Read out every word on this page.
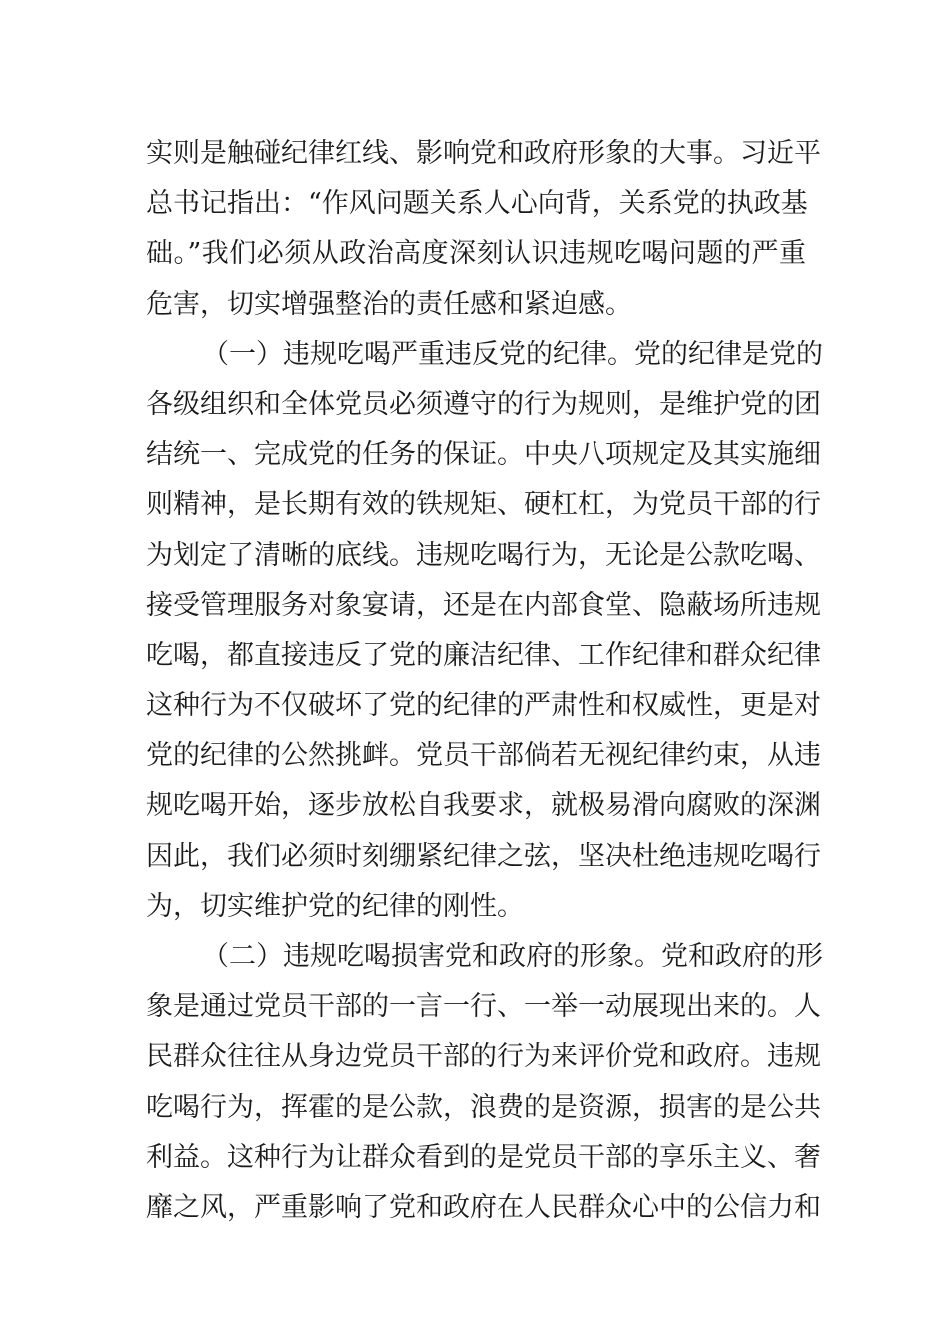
实则是触碰纪律红线、影响党和政府形象的大事。习近平
总书记指出：“作风问题关系人心向背，关系党的执政基
础。”我们必须从政治高度深刻认识违规吃喝问题的严重
危害，切实增强整治的责任感和紧迫感。
（一）违规吃喝严重违反党的纪律。党的纪律是党的
各级组织和全体党员必须遵守的行为规则，是维护党的团
结统一、完成党的任务的保证。中央八项规定及其实施细
则精神，是长期有效的铁规矩、硬杠杠，为党员干部的行
为划定了清晰的底线。违规吃喝行为，无论是公款吃喝、
接受管理服务对象宴请，还是在内部食堂、隐蔽场所违规
吃喝，都直接违反了党的廉洁纪律、工作纪律和群众纪律
这种行为不仅破坏了党的纪律的严肃性和权威性，更是对
党的纪律的公然挑衅。党员干部倘若无视纪律约束，从违
规吃喝开始，逐步放松自我要求，就极易滑向腐败的深渊
因此，我们必须时刻绷紧纪律之弦，坚决杜绝违规吃喝行
为，切实维护党的纪律的刚性。
（二）违规吃喝损害党和政府的形象。党和政府的形
象是通过党员干部的一言一行、一举一动展现出来的。人
民群众往往从身边党员干部的行为来评价党和政府。违规
吃喝行为，挥霍的是公款，浪费的是资源，损害的是公共
利益。这种行为让群众看到的是党员干部的享乐主义、奢
靡之风，严重影响了党和政府在人民群众心中的公信力和
